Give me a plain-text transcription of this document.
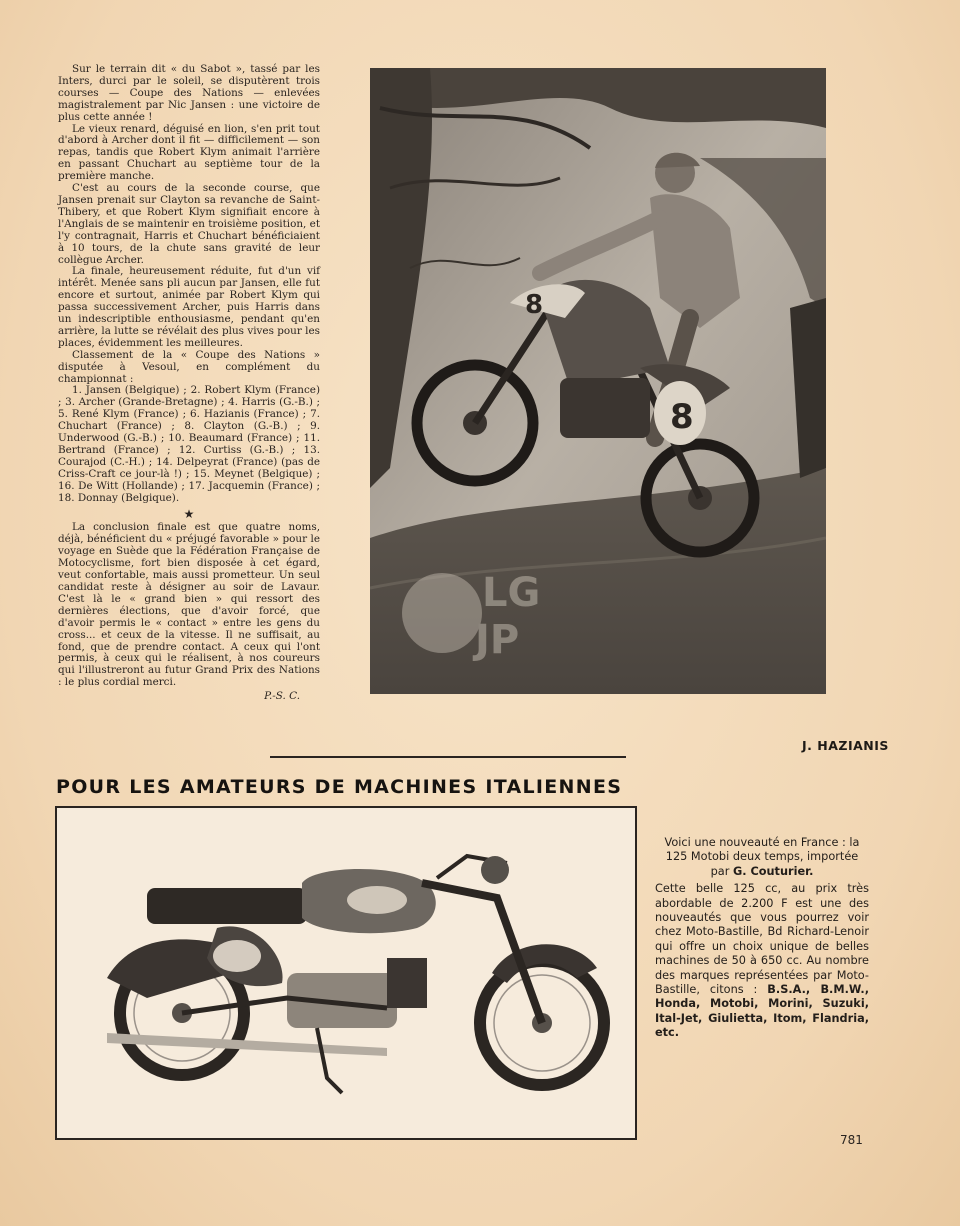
Sur le terrain dit « du Sabot », tassé par les Inters, durci par le soleil, se disputèrent trois courses — Coupe des Nations — enlevées magistralement par Nic Jansen : une victoire de plus cette année !

Le vieux renard, déguisé en lion, s'en prit tout d'abord à Archer dont il fit — difficilement — son repas, tandis que Robert Klym animait l'arrière en passant Chuchart au septième tour de la première manche.

C'est au cours de la seconde course, que Jansen prenait sur Clayton sa revanche de Saint-Thibery, et que Robert Klym signifiait encore à l'Anglais de se maintenir en troisième position, et l'y contragnait, Harris et Chuchart bénéficiaient à 10 tours, de la chute sans gravité de leur collègue Archer.

La finale, heureusement réduite, fut d'un vif intérêt. Menée sans pli aucun par Jansen, elle fut encore et surtout, animée par Robert Klym qui passa successivement Archer, puis Harris dans un indescriptible enthousiasme, pendant qu'en arrière, la lutte se révélait des plus vives pour les places, évidemment les meilleures.

Classement de la « Coupe des Nations » disputée à Vesoul, en complément du championnat :

1. Jansen (Belgique) ; 2. Robert Klym (France) ; 3. Archer (Grande-Bretagne) ; 4. Harris (G.-B.) ; 5. René Klym (France) ; 6. Hazianis (France) ; 7. Chuchart (France) ; 8. Clayton (G.-B.) ; 9. Underwood (G.-B.) ; 10. Beaumard (France) ; 11. Bertrand (France) ; 12. Curtiss (G.-B.) ; 13. Courajod (C.-H.) ; 14. Delpeyrat (France) (pas de Criss-Craft ce jour-là !) ; 15. Meynet (Belgique) ; 16. De Witt (Hollande) ; 17. Jacquemin (France) ; 18. Donnay (Belgique).

★

La conclusion finale est que quatre noms, déjà, bénéficient du « préjugé favorable » pour le voyage en Suède que la Fédération Française de Motocyclisme, fort bien disposée à cet égard, veut confortable, mais aussi prometteur. Un seul candidat reste à désigner au soir de Lavaur. C'est là le « grand bien » qui ressort des dernières élections, que d'avoir forcé, que d'avoir permis le « contact » entre les gens du cross... et ceux de la vitesse. Il ne suffisait, au fond, que de prendre contact. A ceux qui l'ont permis, à ceux qui le réalisent, à nos coureurs qui l'illustreront au futur Grand Prix des Nations : le plus cordial merci.

P.-S. C.
8
8
LG
JP
J. HAZIANIS
POUR LES AMATEURS DE MACHINES ITALIENNES

Voici une nouveauté en France : la 125 Motobi deux temps, importée par G. Couturier.

Cette belle 125 cc, au prix très abordable de 2.200 F est une des nouveautés que vous pourrez voir chez Moto-Bastille, Bd Richard-Lenoir qui offre un choix unique de belles machines de 50 à 650 cc. Au nombre des marques représentées par Moto-Bastille, citons : B.S.A., B.M.W., Honda, Motobi, Morini, Suzuki, Ital-Jet, Giulietta, Itom, Flandria, etc.

781
